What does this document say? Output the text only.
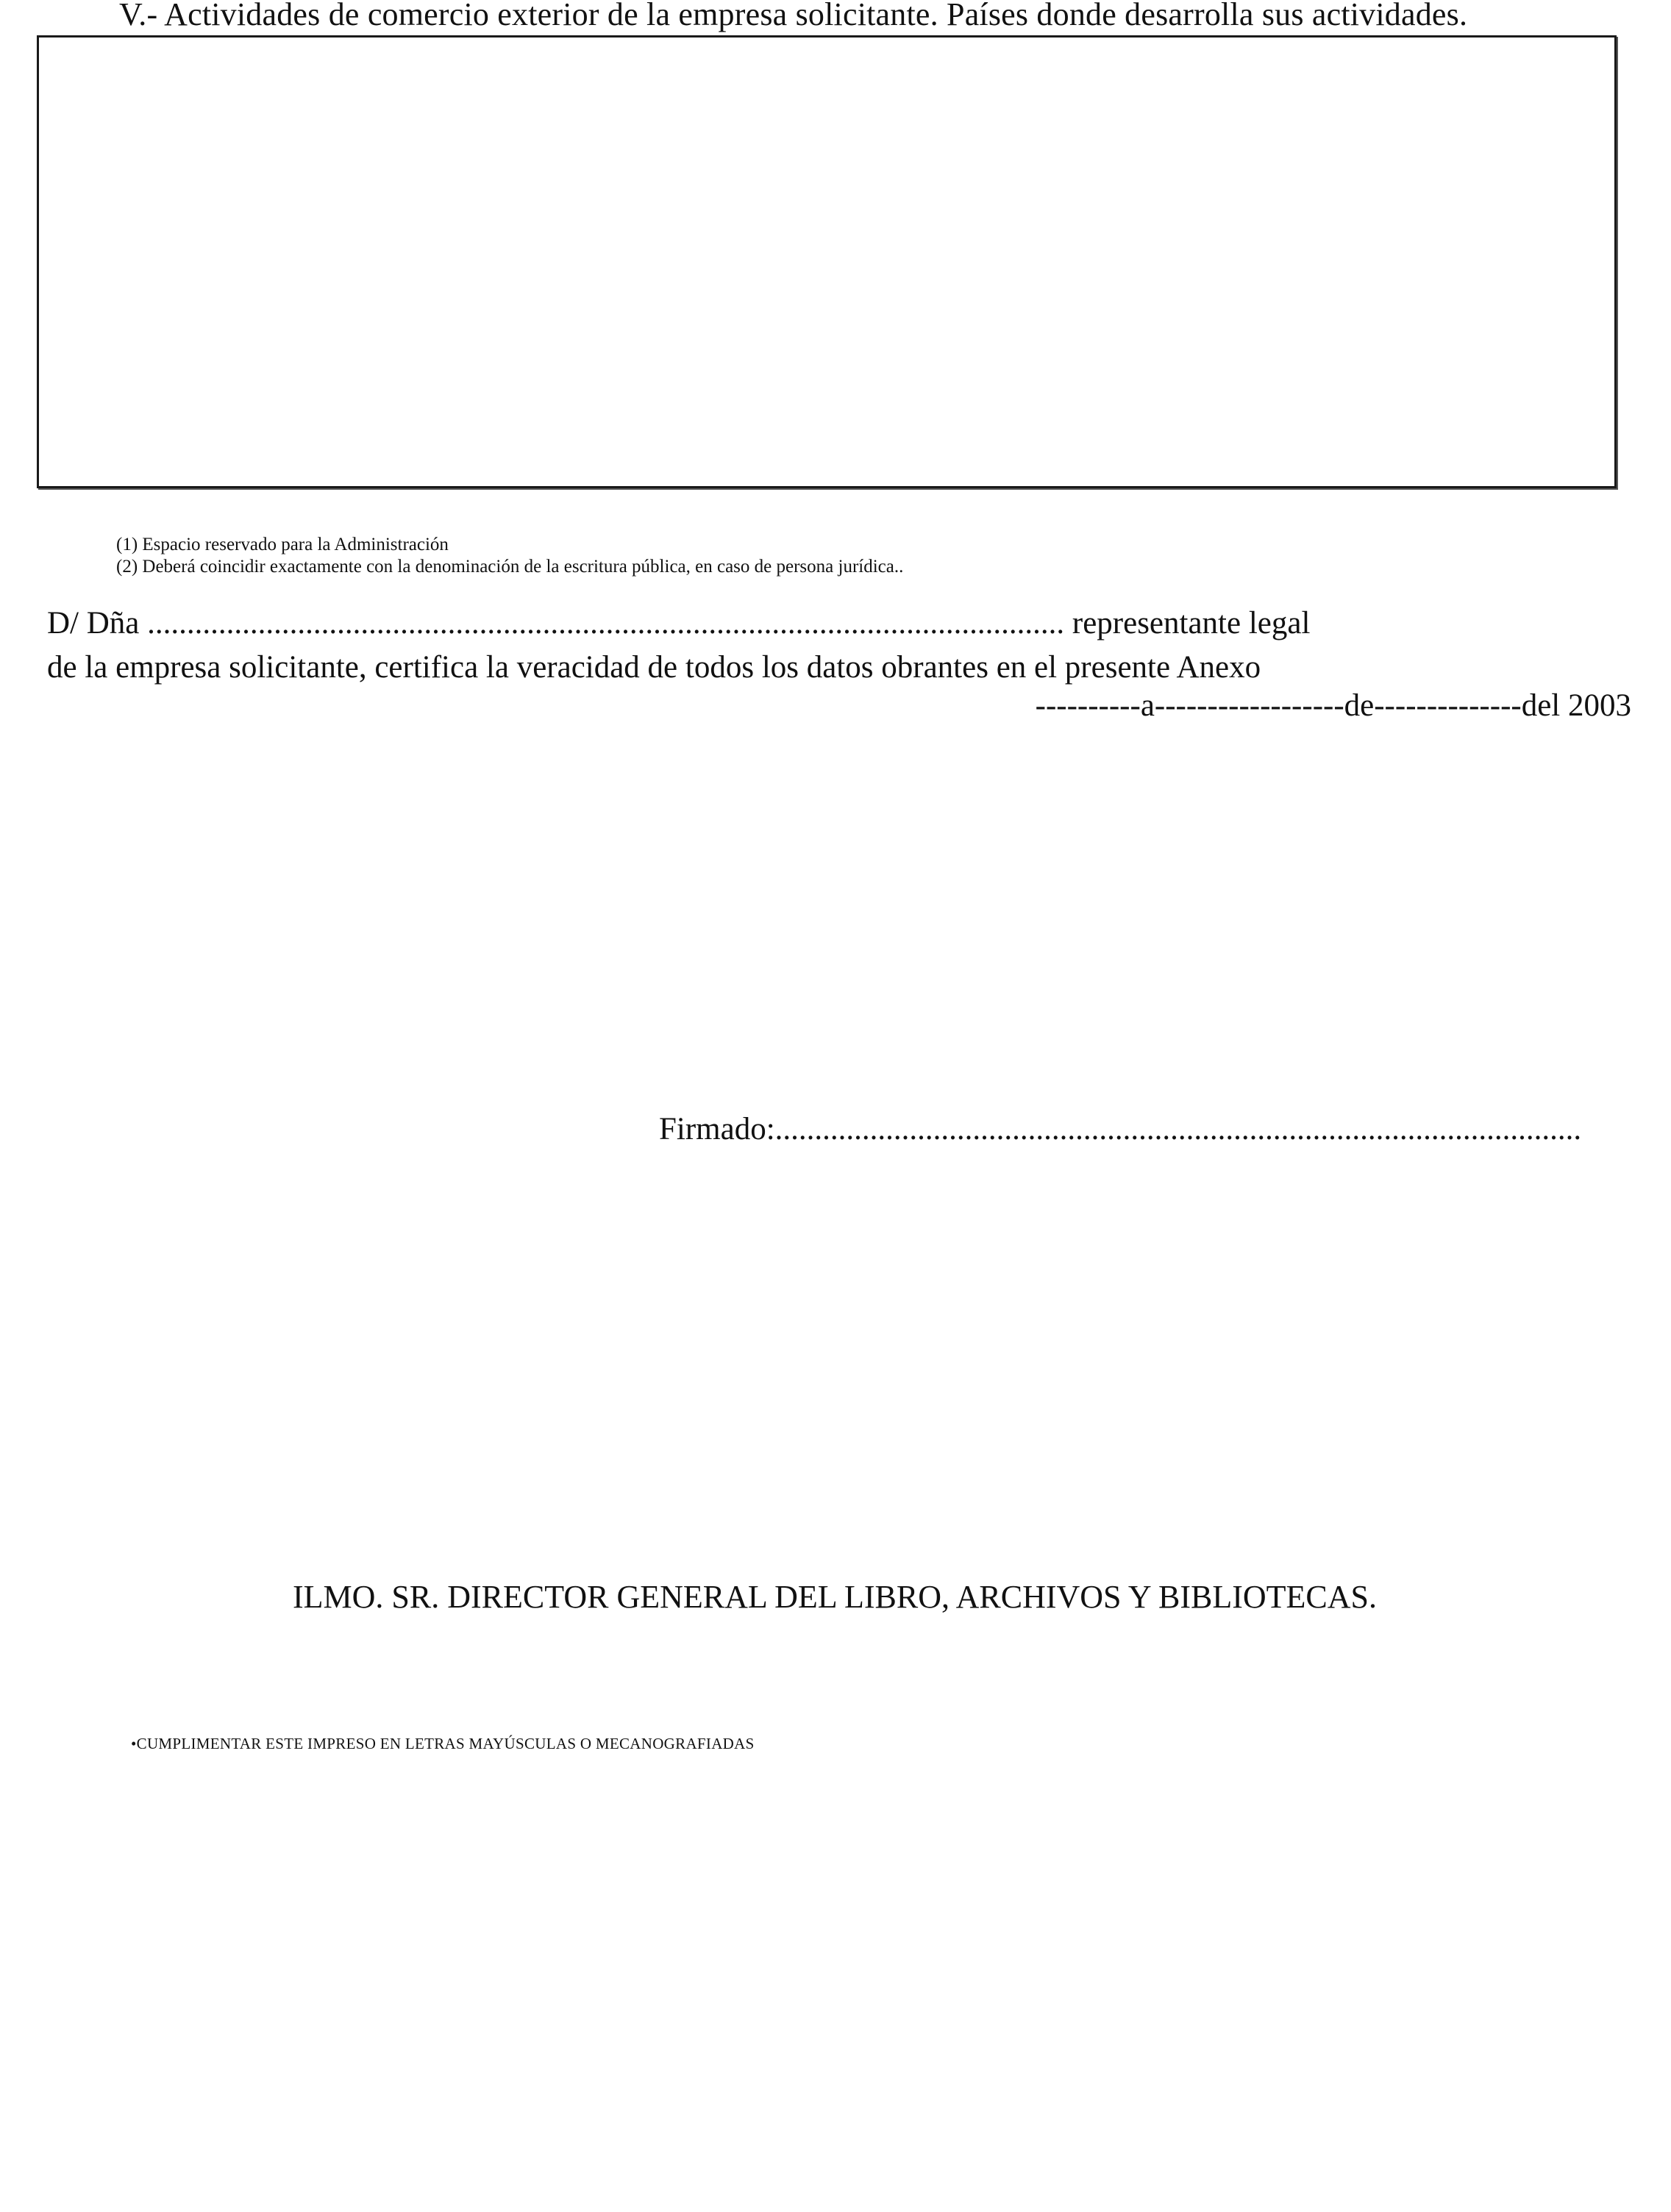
V.- Actividades de comercio exterior de la empresa solicitante. Países donde desarrolla sus actividades.
(1) Espacio reservado para la Administración
(2) Deberá coincidir exactamente con la denominación de la escritura pública, en caso de persona jurídica..
D/ Dña .................................................................................................................... representante legal
de la empresa solicitante, certifica la veracidad de todos los datos obrantes en el presente Anexo
----------a------------------de--------------del 2003
Firmado:......................................................................................................
ILMO. SR. DIRECTOR GENERAL DEL LIBRO, ARCHIVOS Y BIBLIOTECAS.
•CUMPLIMENTAR ESTE IMPRESO EN LETRAS MAYÚSCULAS O MECANOGRAFIADAS
